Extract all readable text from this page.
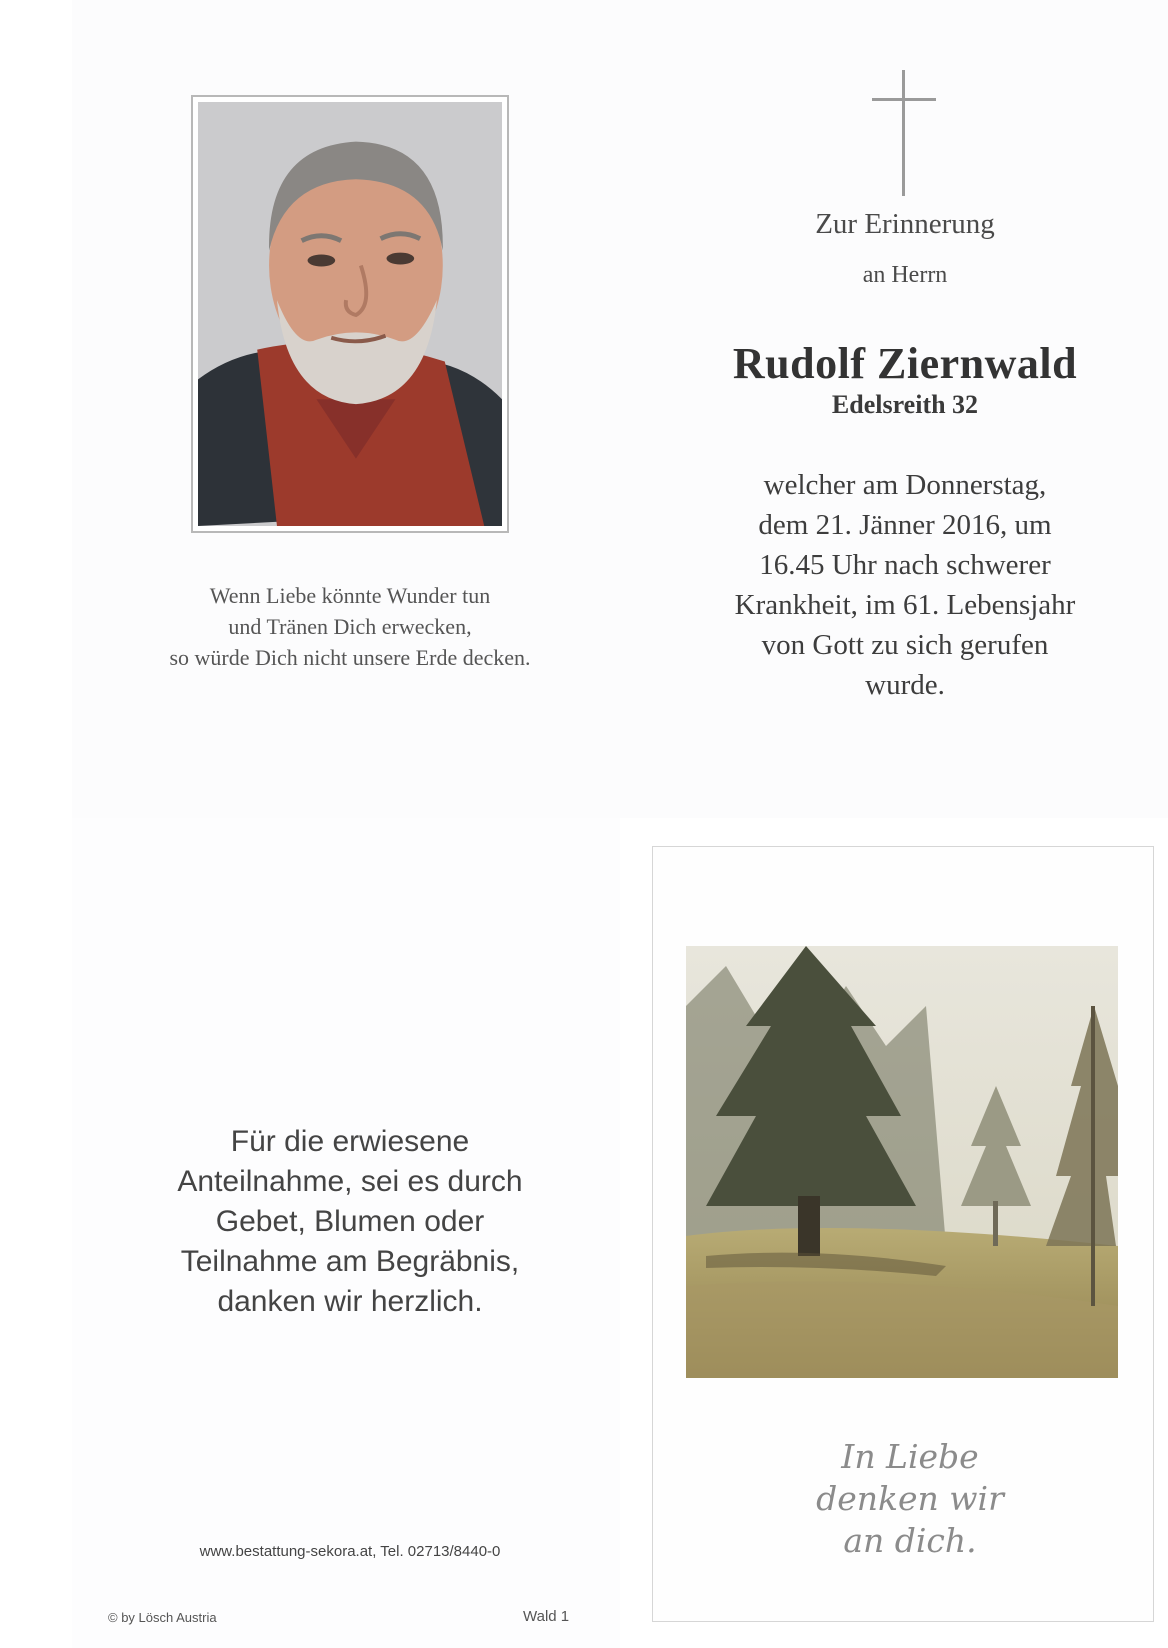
Wenn Liebe könnte Wunder tun
und Tränen Dich erwecken,
so würde Dich nicht unsere Erde decken.
Zur Erinnerung
an Herrn
Rudolf Ziernwald
Edelsreith 32
welcher am Donnerstag,
dem 21. Jänner 2016, um
16.45 Uhr nach schwerer
Krankheit, im 61. Lebensjahr
von Gott zu sich gerufen
wurde.
Für die erwiesene
Anteilnahme, sei es durch
Gebet, Blumen oder
Teilnahme am Begräbnis,
danken wir herzlich.
www.bestattung-sekora.at, Tel. 02713/8440-0
© by Lösch Austria	Wald 1
In Liebe
denken wir
an dich.
